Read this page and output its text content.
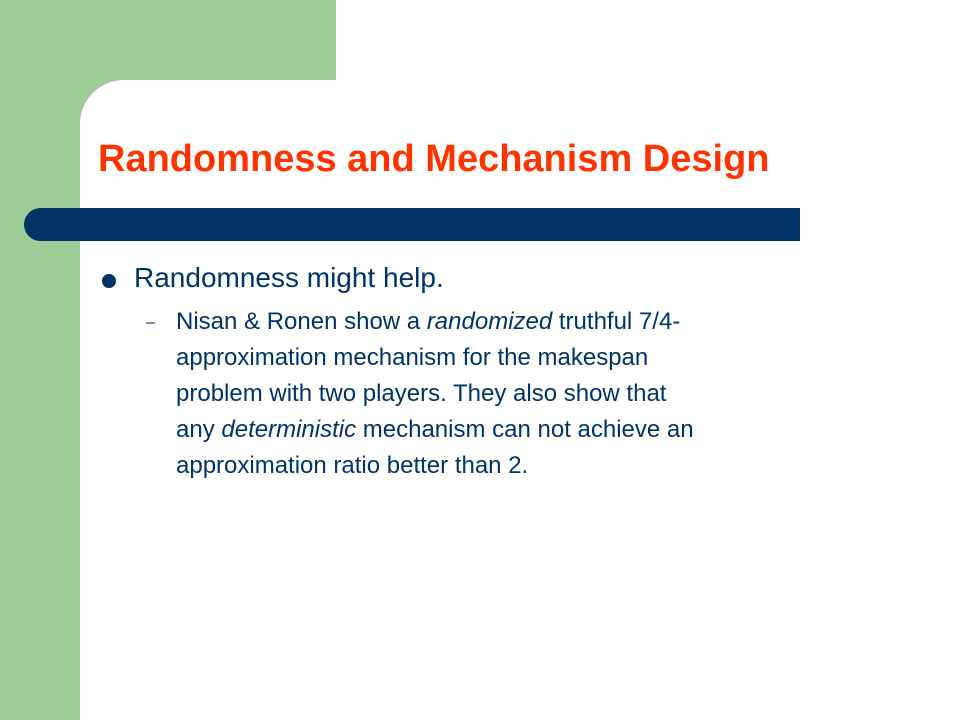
Randomness and Mechanism Design
Randomness might help.
– Nisan & Ronen show a randomized truthful 7/4-
approximation mechanism for the makespan
problem with two players. They also show that
any deterministic mechanism can not achieve an
approximation ratio better than 2.
